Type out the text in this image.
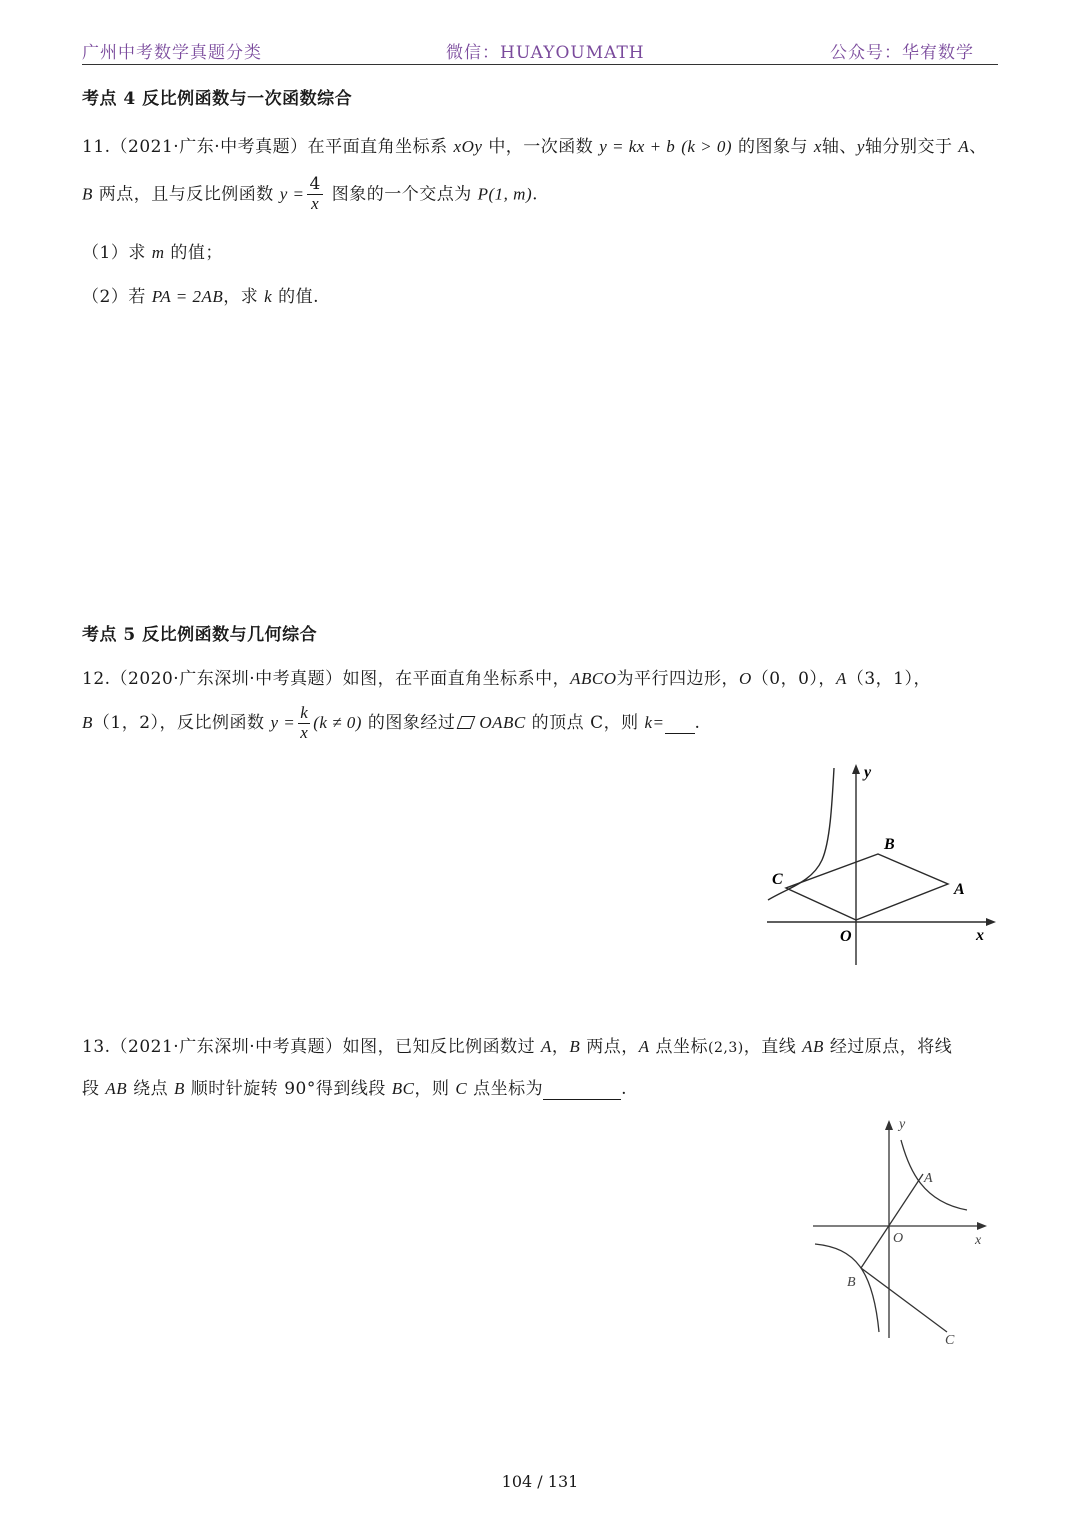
广州中考数学真题分类	微信：HUAYOUMATH	公众号：华宥数学
考点 4 反比例函数与一次函数综合
11.（2021·广东·中考真题）在平面直角坐标系 xOy 中，一次函数 y = kx + b (k > 0) 的图象与 x轴、y轴分别交于 A、
B 两点，且与反比例函数 $y = \frac{4}{x}$ 图象的一个交点为 P(1, m).
（1）求 m 的值；
（2）若 PA = 2AB，求 k 的值.
考点 5 反比例函数与几何综合
12.（2020·广东深圳·中考真题）如图，在平面直角坐标系中，ABCO为平行四边形，O（0，0），A（3，1），
B（1，2），反比例函数 $y = \frac{k}{x} (k \ne 0)$ 的图象经过 OABC 的顶点 C，则 k= .
y
x
O
A
B
C
13.（2021·广东深圳·中考真题）如图，已知反比例函数过 A，B 两点，A 点坐标(2,3)，直线 AB 经过原点，将线
段 AB 绕点 B 顺时针旋转 90°得到线段 BC，则 C 点坐标为	.
y
x
O
A
B
C
104 / 131
